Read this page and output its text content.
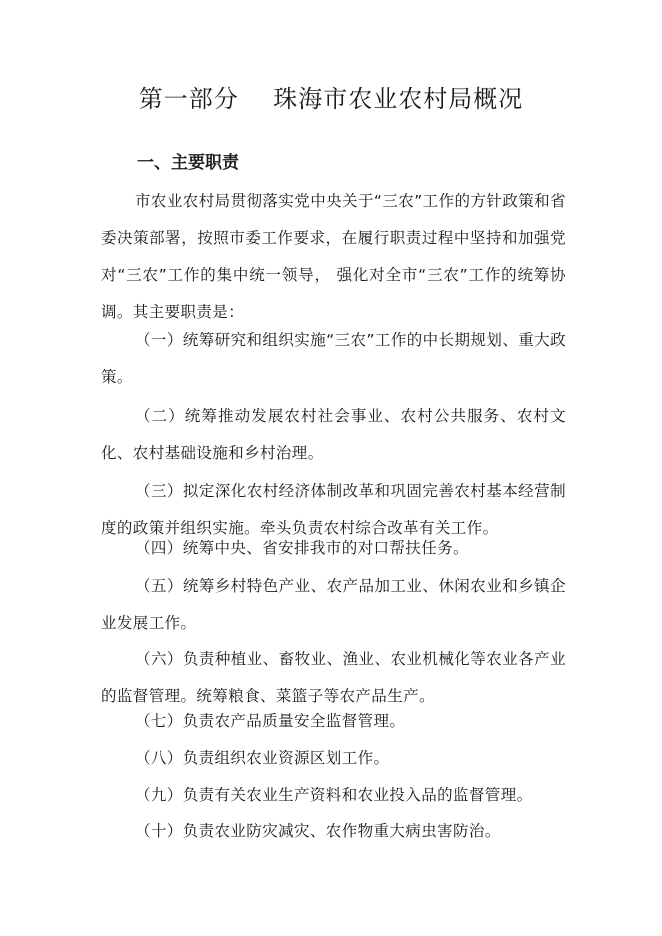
第一部分    珠海市农业农村局概况
一、主要职责
市农业农村局贯彻落实党中央关于“三农”工作的方针政策和省委决策部署，按照市委工作要求，在履行职责过程中坚持和加强党对“三农”工作的集中统一领导， 强化对全市“三农”工作的统筹协调。其主要职责是：
（一）统筹研究和组织实施“三农”工作的中长期规划、重大政策。
（二）统筹推动发展农村社会事业、农村公共服务、农村文化、农村基础设施和乡村治理。
（三）拟定深化农村经济体制改革和巩固完善农村基本经营制度的政策并组织实施。牵头负责农村综合改革有关工作。
（四）统筹中央、省安排我市的对口帮扶任务。
（五）统筹乡村特色产业、农产品加工业、休闲农业和乡镇企业发展工作。
（六）负责种植业、畜牧业、渔业、农业机械化等农业各产业的监督管理。统筹粮食、菜篮子等农产品生产。
（七）负责农产品质量安全监督管理。
（八）负责组织农业资源区划工作。
（九）负责有关农业生产资料和农业投入品的监督管理。
（十）负责农业防灾减灾、农作物重大病虫害防治。
